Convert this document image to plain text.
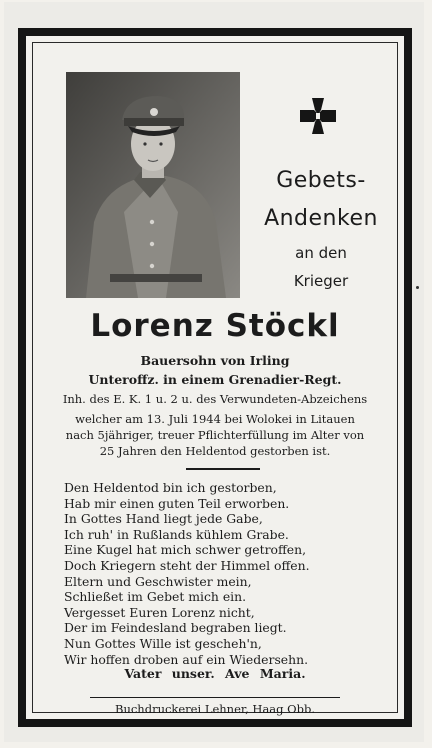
Gebets-
Andenken
an den
Krieger
Lorenz Stöckl
Bauersohn von Irling
Unteroffz. in einem Grenadier-Regt.
Inh. des E. K. 1 u. 2 u. des Verwundeten-Abzeichens
welcher am 13. Juli 1944 bei Wolokei in Litauen
nach 5jähriger, treuer Pflichterfüllung im Alter von
25 Jahren den Heldentod gestorben ist.
Den Heldentod bin ich gestorben,
Hab mir einen guten Teil erworben.
In Gottes Hand liegt jede Gabe,
Ich ruh' in Rußlands kühlem Grabe.
Eine Kugel hat mich schwer getroffen,
Doch Kriegern steht der Himmel offen.
Eltern und Geschwister mein,
Schließet im Gebet mich ein.
Vergesset Euren Lorenz nicht,
Der im Feindesland begraben liegt.
Nun Gottes Wille ist gescheh'n,
Wir hoffen droben auf ein Wiedersehn.
Vater unser. Ave Maria.
Buchdruckerei Lehner, Haag Obb.
